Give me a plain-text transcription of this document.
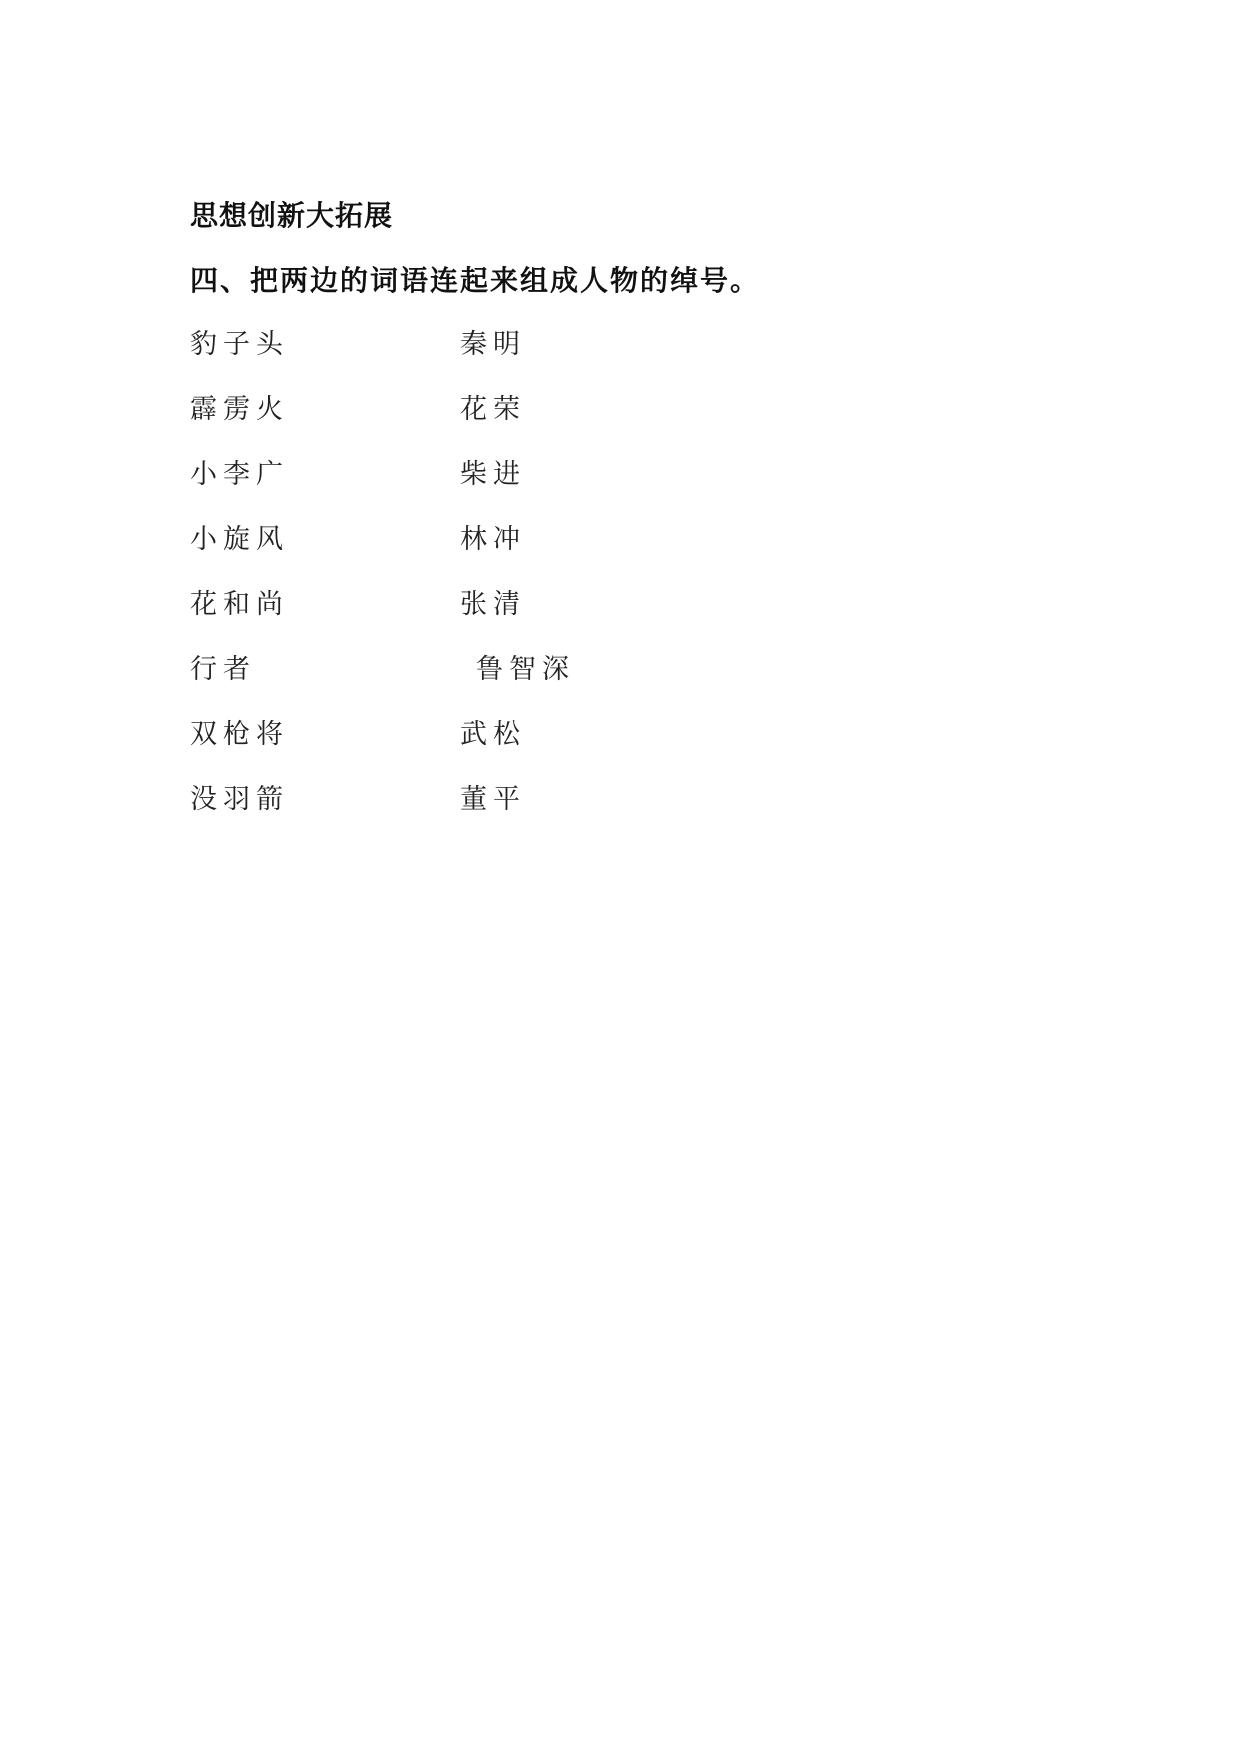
思想创新大拓展

四、把两边的词语连起来组成人物的绰号。

豹子头	秦明
霹雳火	花荣
小李广	柴进
小旋风	林冲
花和尚	张清
行者	鲁智深
双枪将	武松
没羽箭	董平
